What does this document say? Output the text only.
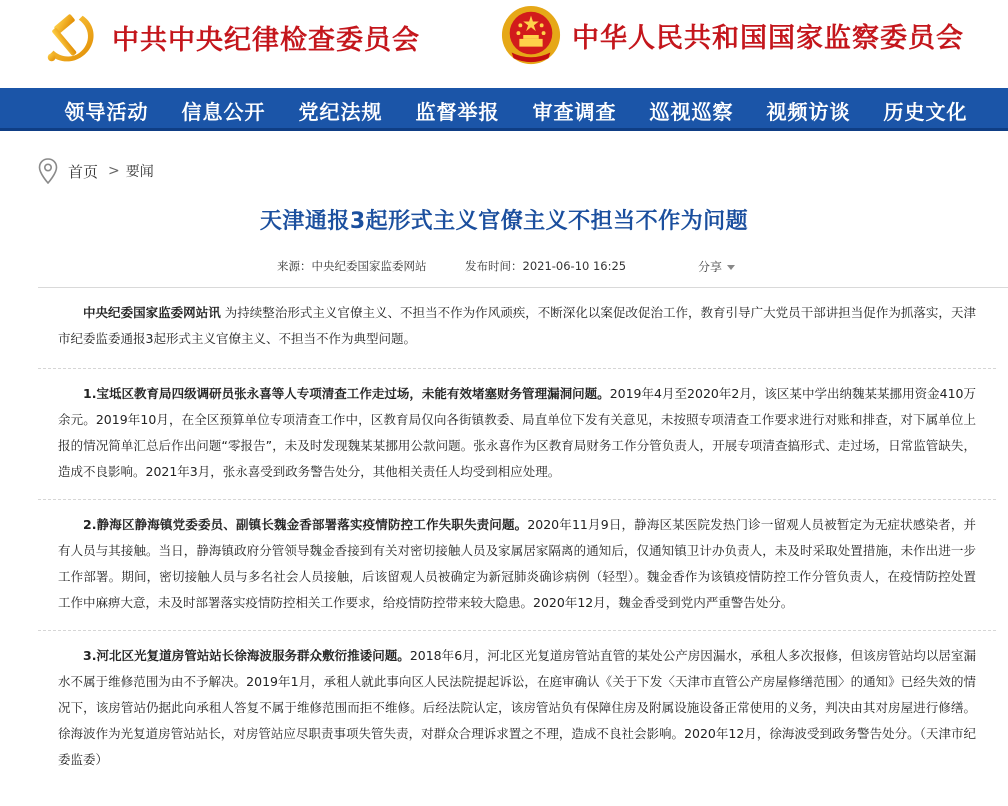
中共中央纪律检查委员会	中华人民共和国国家监察委员会
领导活动	信息公开	党纪法规	监督举报	审查调查	巡视巡察	视频访谈	历史文化
首页 > 要闻
天津通报3起形式主义官僚主义不担当不作为问题
来源：中央纪委国家监委网站	发布时间：2021-06-10 16:25	分享

中央纪委国家监委网站讯 为持续整治形式主义官僚主义、不担当不作为作风顽疾，不断深化以案促改促治工作，教育引导广大党员干部讲担当促作为抓落实，天津市纪委监委通报3起形式主义官僚主义、不担当不作为典型问题。

1.宝坻区教育局四级调研员张永喜等人专项清查工作走过场，未能有效堵塞财务管理漏洞问题。2019年4月至2020年2月，该区某中学出纳魏某某挪用资金410万余元。2019年10月，在全区预算单位专项清查工作中，区教育局仅向各街镇教委、局直单位下发有关意见，未按照专项清查工作要求进行对账和排查，对下属单位上报的情况简单汇总后作出问题“零报告”，未及时发现魏某某挪用公款问题。张永喜作为区教育局财务工作分管负责人，开展专项清查搞形式、走过场，日常监管缺失，造成不良影响。2021年3月，张永喜受到政务警告处分，其他相关责任人均受到相应处理。

2.静海区静海镇党委委员、副镇长魏金香部署落实疫情防控工作失职失责问题。2020年11月9日，静海区某医院发热门诊一留观人员被暂定为无症状感染者，并有人员与其接触。当日，静海镇政府分管领导魏金香接到有关对密切接触人员及家属居家隔离的通知后，仅通知镇卫计办负责人，未及时采取处置措施，未作出进一步工作部署。期间，密切接触人员与多名社会人员接触，后该留观人员被确定为新冠肺炎确诊病例（轻型）。魏金香作为该镇疫情防控工作分管负责人，在疫情防控处置工作中麻痹大意，未及时部署落实疫情防控相关工作要求，给疫情防控带来较大隐患。2020年12月，魏金香受到党内严重警告处分。

3.河北区光复道房管站站长徐海波服务群众敷衍推诿问题。2018年6月，河北区光复道房管站直管的某处公产房因漏水，承租人多次报修，但该房管站均以居室漏水不属于维修范围为由不予解决。2019年1月，承租人就此事向区人民法院提起诉讼，在庭审确认《关于下发〈天津市直管公产房屋修缮范围〉的通知》已经失效的情况下，该房管站仍据此向承租人答复不属于维修范围而拒不维修。后经法院认定，该房管站负有保障住房及附属设施设备正常使用的义务，判决由其对房屋进行修缮。徐海波作为光复道房管站站长，对房管站应尽职责事项失管失责，对群众合理诉求置之不理，造成不良社会影响。2020年12月，徐海波受到政务警告处分。（天津市纪委监委）
